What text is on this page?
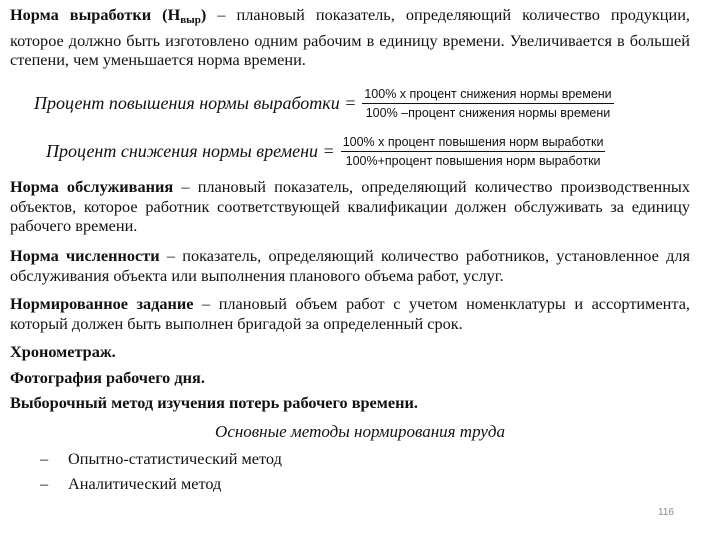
Норма выработки $(Н_{выр})$ – плановый показатель, определяющий количество продукции, которое должно быть изготовлено одним рабочим в единицу времени. Увеличивается в большей степени, чем уменьшается норма времени.
Процент повышения нормы выработки = $\frac{\text{100\% х процент снижения нормы времени}}{\text{100\% –процент снижения нормы времени}}$
Процент снижения нормы времени = $\frac{\text{100\% х процент повышения норм выработки}}{\text{100\%+процент повышения норм выработки}}$
Норма обслуживания – плановый показатель, определяющий количество производственных объектов, которое работник соответствующей квалификации должен обслуживать за единицу рабочего времени.
Норма численности – показатель, определяющий количество работников, установленное для обслуживания объекта или выполнения планового объема работ, услуг.
Нормированное задание – плановый объем работ с учетом номенклатуры и ассортимента, который должен быть выполнен бригадой за определенный срок.
Хронометраж.
Фотография рабочего дня.
Выборочный метод изучения потерь рабочего времени.
Основные методы нормирования труда
– Опытно-статистический метод
– Аналитический метод
116
